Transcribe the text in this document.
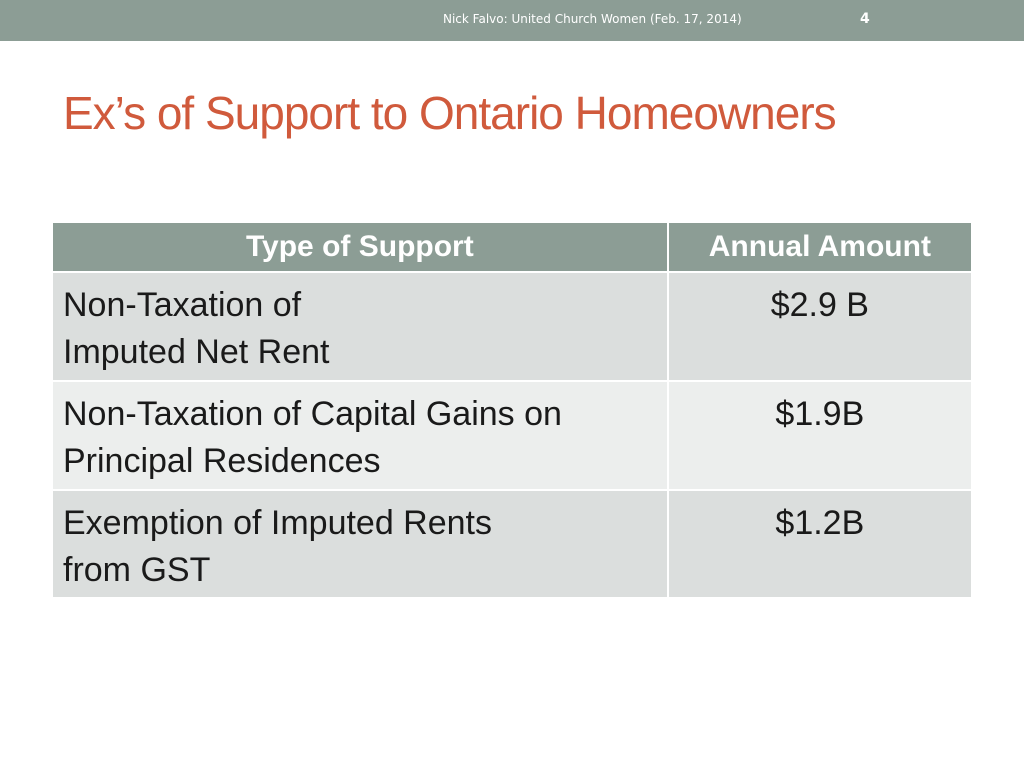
Nick Falvo: United Church Women (Feb. 17, 2014)	4
Ex’s of Support to Ontario Homeowners
Type of Support	Annual Amount

Non-Taxation of
Imputed Net Rent	$2.9 B

Non-Taxation of Capital Gains on
Principal Residences	$1.9B

Exemption of Imputed Rents
from GST	$1.2B
